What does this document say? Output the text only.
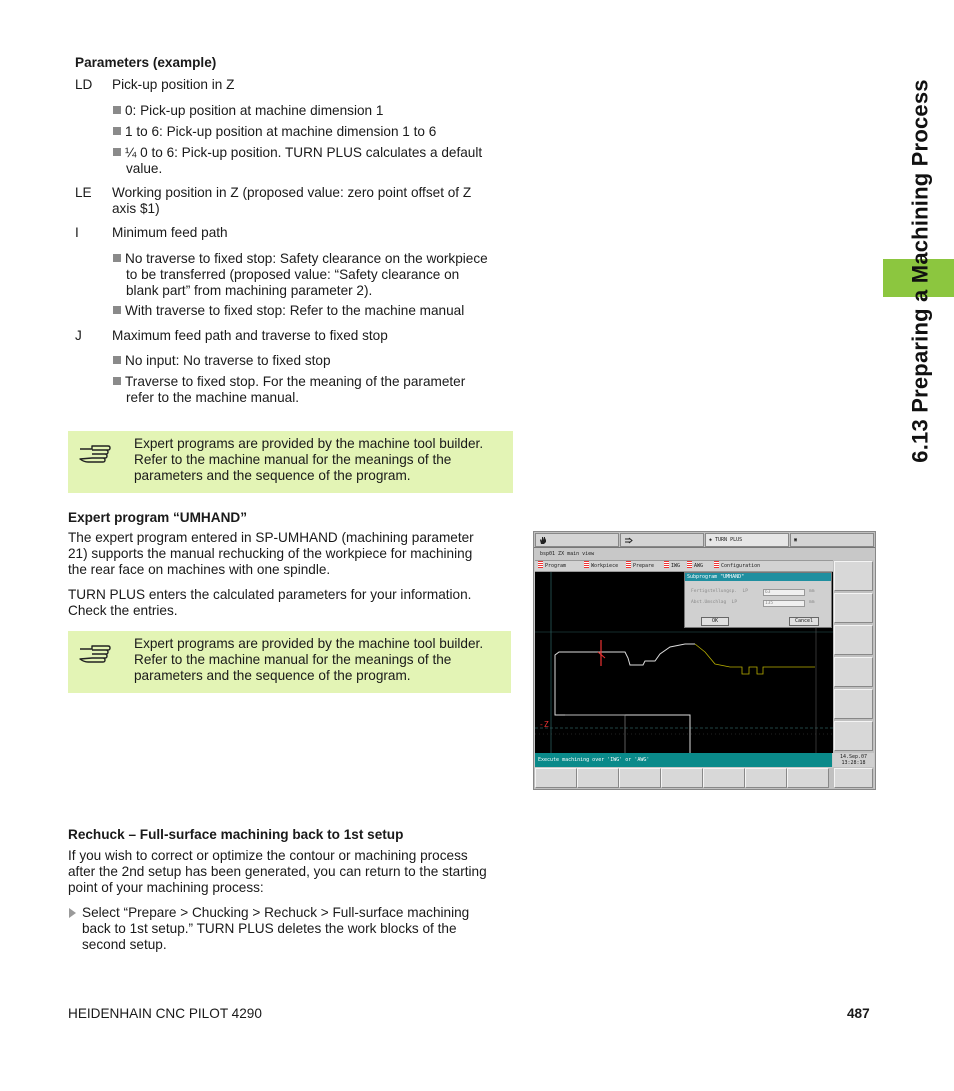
6.13 Preparing a Machining Process
Parameters (example)
LD	Pick-up position in Z
0: Pick-up position at machine dimension 1
1 to 6: Pick-up position at machine dimension 1 to 6
¼ 0 to 6: Pick-up position. TURN PLUS calculates a default
value.
LE	Working position in Z (proposed value: zero point offset of Z
axis $1)
I	Minimum feed path
No traverse to fixed stop: Safety clearance on the workpiece
to be transferred (proposed value: “Safety clearance on
blank part” from machining parameter 2).
With traverse to fixed stop: Refer to the machine manual
J	Maximum feed path and traverse to fixed stop
No input: No traverse to fixed stop
Traverse to fixed stop. For the meaning of the parameter
refer to the machine manual.
Expert programs are provided by the machine tool builder.
Refer to the machine manual for the meanings of the
parameters and the sequence of the program.
Expert program “UMHAND”
The expert program entered in SP-UMHAND (machining parameter
21) supports the manual rechucking of the workpiece for machining
the rear face on machines with one spindle.
TURN PLUS enters the calculated parameters for your information.
Check the entries.
Expert programs are provided by the machine tool builder.
Refer to the machine manual for the meanings of the
parameters and the sequence of the program.
◈ TURN PLUS	▣
bsp01 ZX main view
Program	Workpiece	Prepare	IWG	AWG	Configuration
-Z
Subprogram "UMHAND"
Fertigstellungsp. LP	63	mm
Abst.Umschlag LP	135	mm
OK	Cancel
Execute machining over 'IWG' or 'AWG'	14.Sep.07
13:28:18
Rechuck – Full-surface machining back to 1st setup
If you wish to correct or optimize the contour or machining process
after the 2nd setup has been generated, you can return to the starting
point of your machining process:
Select “Prepare > Chucking > Rechuck > Full-surface machining
back to 1st setup.” TURN PLUS deletes the work blocks of the
second setup.
HEIDENHAIN CNC PILOT 4290	487
